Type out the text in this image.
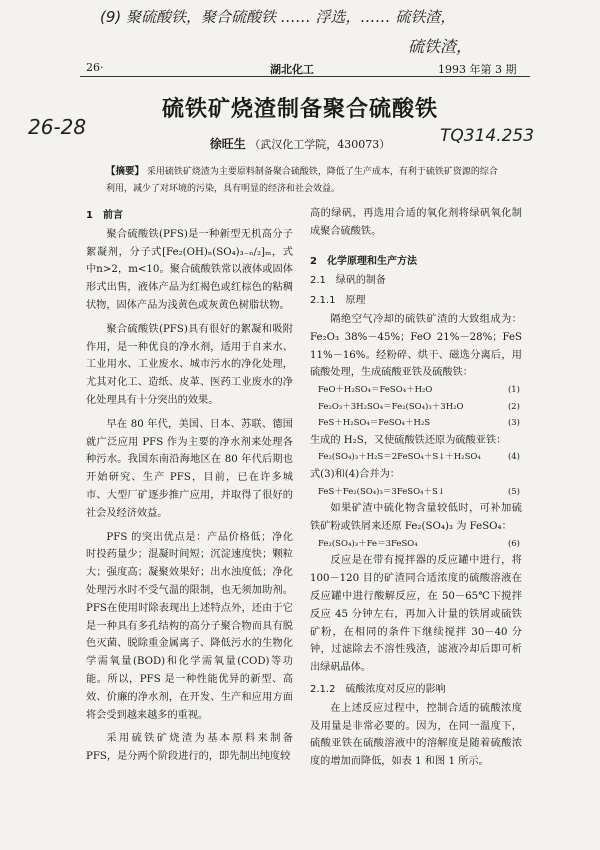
(9) 聚硫酸铁，聚合硫酸铁 …… 浮选，…… 硫铁渣，
硫铁渣，
26-28	TQ314.253
26·	湖北化工	1993 年第 3 期
硫铁矿烧渣制备聚合硫酸铁
徐旺生 （武汉化工学院，430073）
【摘要】 采用硫铁矿烧渣为主要原料制备聚合硫酸铁，降低了生产成本，有利于硫铁矿资源的综合利用，减少了对环境的污染，具有明显的经济和社会效益。

1　前言

聚合硫酸铁(PFS)是一种新型无机高分子絮凝剂，分子式[Fe₂(OH)ₙ(SO₄)₃₋ₙ/₂]ₘ，式中n>2，m<10。聚合硫酸铁常以液体或固体形式出售，液体产品为红褐色或红棕色的粘稠状物，固体产品为浅黄色或灰黄色树脂状物。

聚合硫酸铁(PFS)具有很好的絮凝和吸附作用，是一种优良的净水剂，适用于自来水、工业用水、工业废水、城市污水的净化处理，尤其对化工、造纸、皮革、医药工业废水的净化处理具有十分突出的效果。

早在 80 年代，美国、日本、苏联、德国就广泛应用 PFS 作为主要的净水剂来处理各种污水。我国东南沿海地区在 80 年代后期也开始研究、生产 PFS，目前，已在许多城市、大型厂矿逐步推广应用，并取得了很好的社会及经济效益。

PFS 的突出优点是：产品价格低；净化时投药量少；混凝时间短；沉淀速度快；颗粒大；强度高；凝聚效果好；出水浊度低；净化处理污水时不受气温的限制，也无须加助剂。PFS在使用时除表现出上述特点外，还由于它是一种具有多孔结构的高分子聚合物而具有脱色灭菌、脱除重金属离子、降低污水的生物化学需氧量(BOD)和化学需氧量(COD)等功能。所以，PFS 是一种性能优异的新型、高效、价廉的净水剂，在开发、生产和应用方面将会受到越来越多的重视。

采用硫铁矿烧渣为基本原料来制备 PFS，是分两个阶段进行的，即先制出纯度较

高的绿矾，再选用合适的氧化剂将绿矾氧化制成聚合硫酸铁。

2　化学原理和生产方法

2.1　绿矾的制备

2.1.1　原理

隔绝空气冷却的硫铁矿渣的大致组成为：Fe₂O₃ 38%－45%；FeO 21%－28%；FeS 11%－16%。经粉碎、烘干、磁选分离后，用硫酸处理，生成硫酸亚铁及硫酸铁：

FeO＋H₂SO₄＝FeSO₄＋H₂O	(1)
Fe₂O₃＋3H₂SO₄＝Fe₂(SO₄)₃＋3H₂O	(2)
FeS＋H₂SO₄＝FeSO₄＋H₂S	(3)

生成的 H₂S，又使硫酸铁还原为硫酸亚铁：

Fe₂(SO₄)₃＋H₂S＝2FeSO₄＋S↓＋H₂SO₄	(4)

式(3)和(4)合并为：

FeS＋Fe₂(SO₄)₃＝3FeSO₄＋S↓	(5)

如果矿渣中硫化物含量较低时，可补加硫铁矿粉或铁屑来还原 Fe₂(SO₄)₃ 为 FeSO₄：

Fe₂(SO₄)₃＋Fe＝3FeSO₄	(6)

反应是在带有搅拌器的反应罐中进行，将 100－120 目的矿渣同合适浓度的硫酸溶液在反应罐中进行酸解反应，在 50－65℃下搅拌反应 45 分钟左右，再加入计量的铁屑或硫铁矿粉，在相同的条件下继续搅拌 30－40 分钟，过滤除去不溶性残渣，滤液冷却后即可析出绿矾晶体。

2.1.2　硫酸浓度对反应的影响

在上述反应过程中，控制合适的硫酸浓度及用量是非常必要的。因为，在同一温度下，硫酸亚铁在硫酸溶液中的溶解度是随着硫酸浓度的增加而降低，如表 1 和图 1 所示。
